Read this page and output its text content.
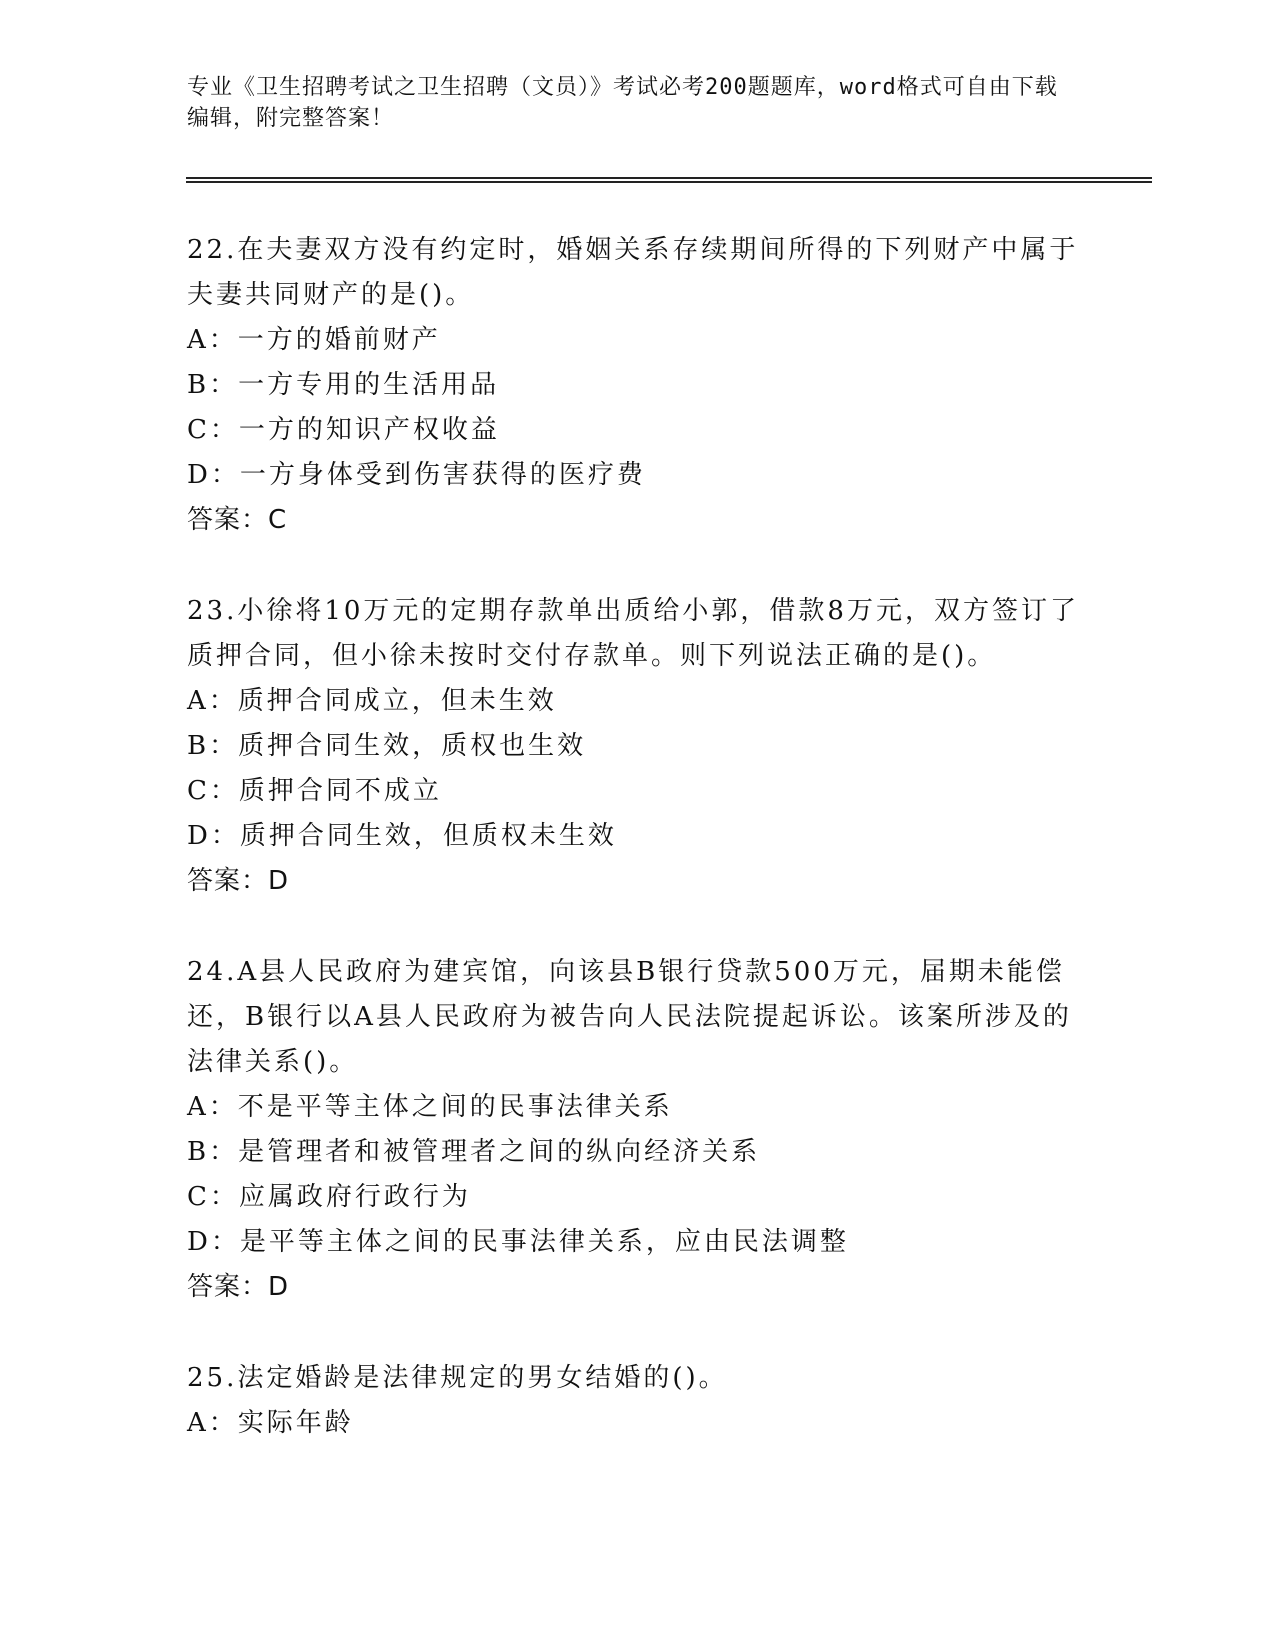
专业《卫生招聘考试之卫生招聘（文员）》考试必考200题题库，word格式可自由下载编辑，附完整答案！

22.在夫妻双方没有约定时，婚姻关系存续期间所得的下列财产中属于夫妻共同财产的是()。

A：一方的婚前财产

B：一方专用的生活用品

C：一方的知识产权收益

D：一方身体受到伤害获得的医疗费

答案：C

23.小徐将10万元的定期存款单出质给小郭，借款8万元，双方签订了质押合同，但小徐未按时交付存款单。则下列说法正确的是()。

A：质押合同成立，但未生效

B：质押合同生效，质权也生效

C：质押合同不成立

D：质押合同生效，但质权未生效

答案：D

24.A县人民政府为建宾馆，向该县B银行贷款500万元，届期未能偿还，B银行以A县人民政府为被告向人民法院提起诉讼。该案所涉及的法律关系()。

A：不是平等主体之间的民事法律关系

B：是管理者和被管理者之间的纵向经济关系

C：应属政府行政行为

D：是平等主体之间的民事法律关系，应由民法调整

答案：D

25.法定婚龄是法律规定的男女结婚的()。

A：实际年龄
